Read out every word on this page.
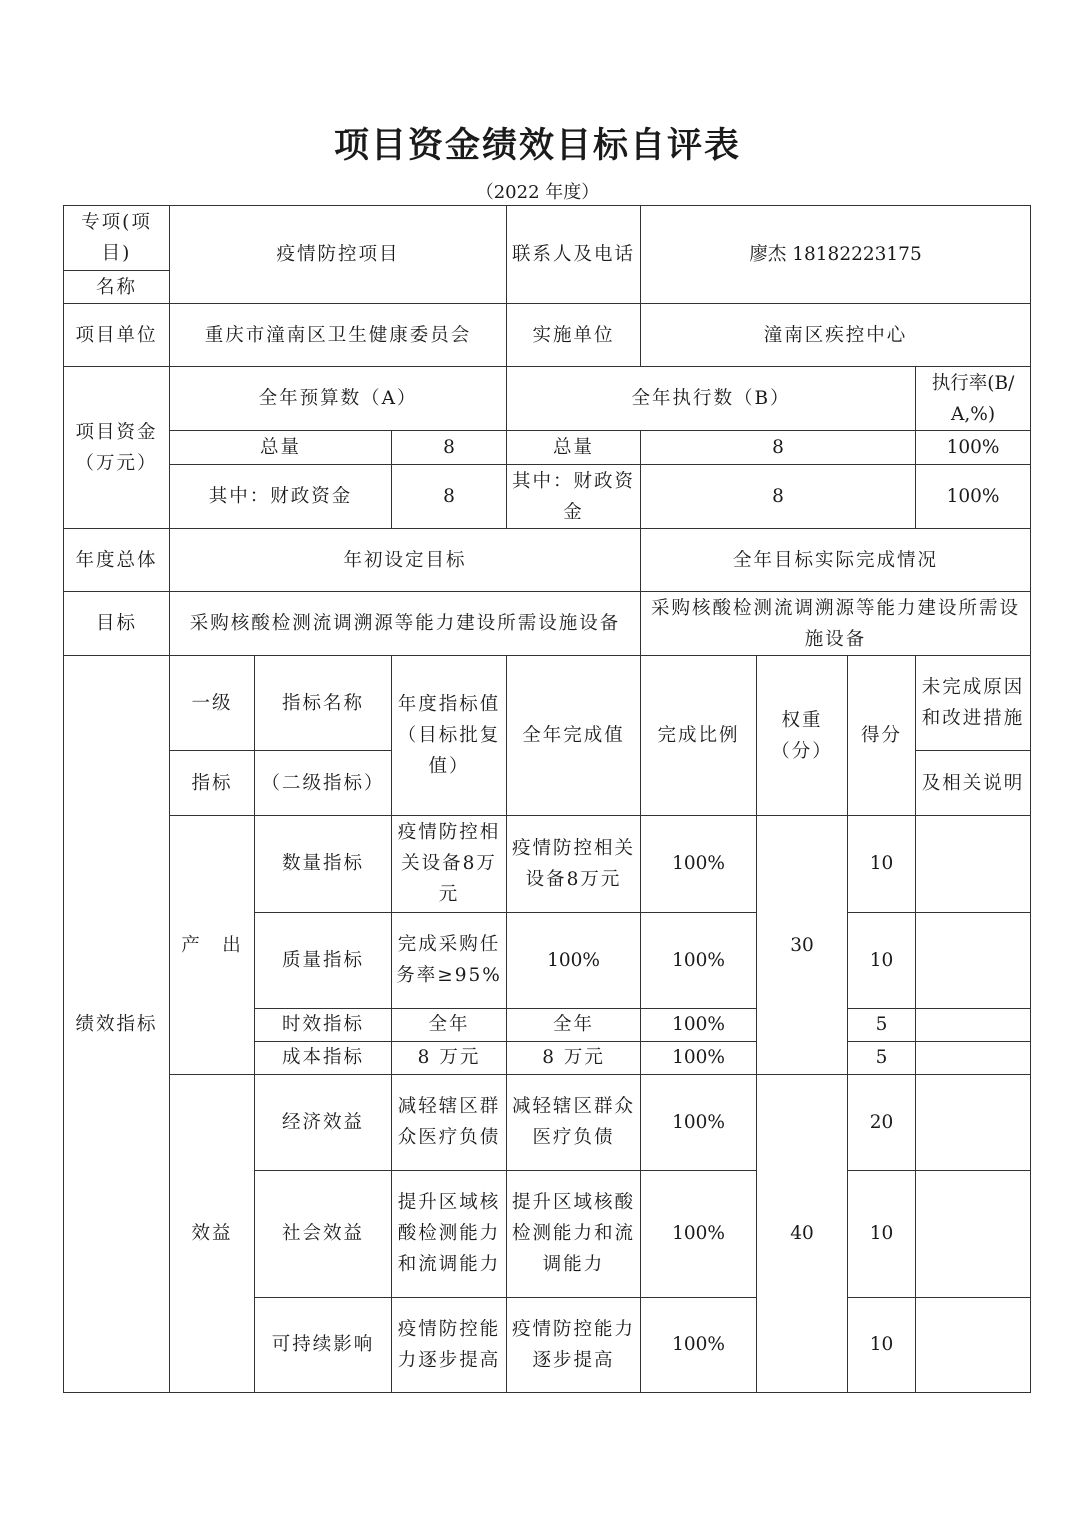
项目资金绩效目标自评表
（2022 年度）
专项(项目)	疫情防控项目			联系人及电话	廖杰 18182223175			
名称								
项目单位	重庆市潼南区卫生健康委员会			实施单位	潼南区疾控中心			
项目资金（万元）	全年预算数（A）			全年执行数（B）				执行率(B/A,%)
	总量		8	总量	8			100%
	其中：财政资金		8	其中：财政资金	8			100%
年度总体	年初设定目标				全年目标实际完成情况			
目标	采购核酸检测流调溯源等能力建设所需设施设备				采购核酸检测流调溯源等能力建设所需设施设备			
绩效指标	一级	指标名称	年度指标值（目标批复值）	全年完成值	完成比例	权重（分）	得分	未完成原因和改进措施
	指标	（二级指标）						及相关说明
	产　出	数量指标	疫情防控相关设备8万元	疫情防控相关设备8万元	100%	30	10	
		质量指标	完成采购任务率≥95%	100%	100%		10	
		时效指标	全年	全年	100%		5	
		成本指标	8 万元	8 万元	100%		5	
	效益	经济效益	减轻辖区群众医疗负债	减轻辖区群众医疗负债	100%	40	20	
		社会效益	提升区域核酸检测能力和流调能力	提升区域核酸检测能力和流调能力	100%		10	
		可持续影响	疫情防控能力逐步提高	疫情防控能力逐步提高	100%		10	
